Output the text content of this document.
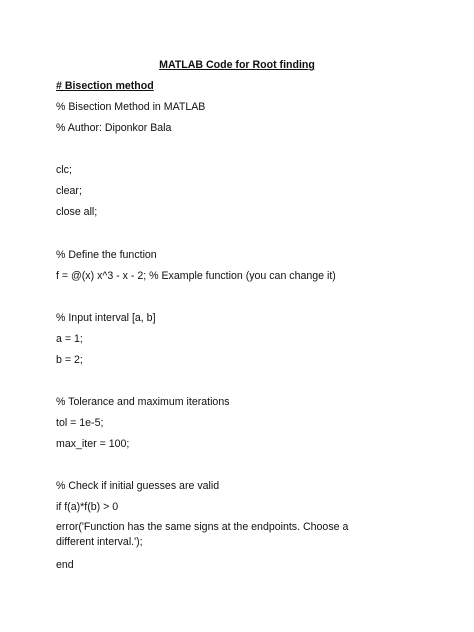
MATLAB Code for Root finding

# Bisection method

% Bisection Method in MATLAB

% Author: Diponkor Bala

clc;

clear;

close all;

% Define the function

f = @(x) x^3 - x - 2; % Example function (you can change it)

% Input interval [a, b]

a = 1;

b = 2;

% Tolerance and maximum iterations

tol = 1e-5;

max_iter = 100;

% Check if initial guesses are valid

if f(a)*f(b) > 0

error('Function has the same signs at the endpoints. Choose a different interval.');

end
